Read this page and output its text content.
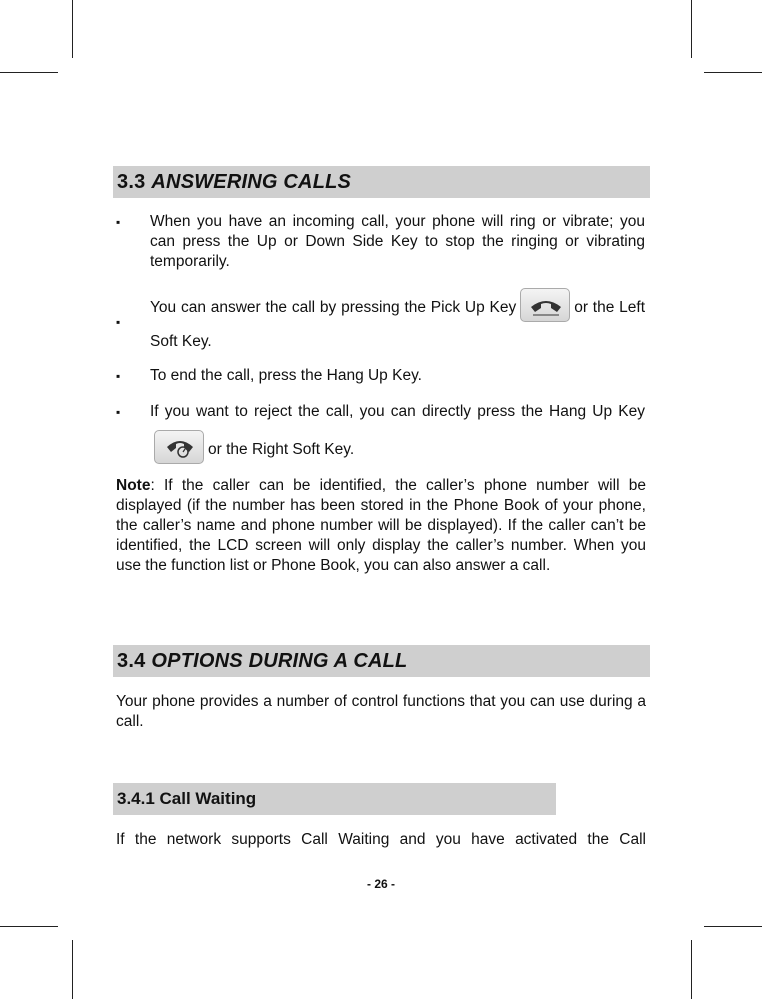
3.3 ANSWERING CALLS
▪ When you have an incoming call, your phone will ring or vibrate; you can press the Up or Down Side Key to stop the ringing or vibrating temporarily.
▪
You can answer the call by pressing the Pick Up Key	or the Left Soft Key.
▪ To end the call, press the Hang Up Key.
▪ If you want to reject the call, you can directly press the Hang Up Key
or the Right Soft Key.
Note: If the caller can be identified, the caller’s phone number will be displayed (if the number has been stored in the Phone Book of your phone, the caller’s name and phone number will be displayed). If the caller can’t be identified, the LCD screen will only display the caller’s number. When you use the function list or Phone Book, you can also answer a call.
3.4 OPTIONS DURING A CALL
Your phone provides a number of control functions that you can use during a call.
3.4.1 Call Waiting
If the network supports Call Waiting and you have activated the Call
- 26 -
